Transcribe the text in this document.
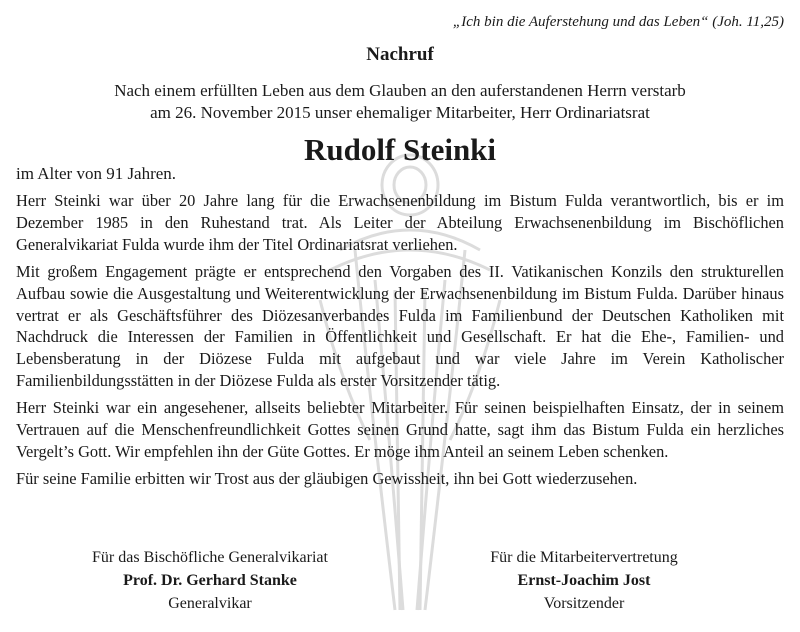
„Ich bin die Auferstehung und das Leben“ (Joh. 11,25)
Nachruf
Nach einem erfüllten Leben aus dem Glauben an den auferstandenen Herrn verstarb
am 26. November 2015 unser ehemaliger Mitarbeiter, Herr Ordinariatsrat
Rudolf Steinki
im Alter von 91 Jahren.

Herr Steinki war über 20 Jahre lang für die Erwachsenenbildung im Bistum Fulda verantwortlich, bis er im Dezember 1985 in den Ruhestand trat. Als Leiter der Abteilung Erwachsenenbildung im Bischöflichen Generalvikariat Fulda wurde ihm der Titel Ordinariatsrat verliehen.

Mit großem Engagement prägte er entsprechend den Vorgaben des II. Vatikanischen Konzils den strukturellen Aufbau sowie die Ausgestaltung und Weiterentwicklung der Erwachsenenbildung im Bistum Fulda. Darüber hinaus vertrat er als Geschäftsführer des Diözesanverbandes Fulda im Familienbund der Deutschen Katholiken mit Nachdruck die Interessen der Familien in Öffentlichkeit und Gesellschaft. Er hat die Ehe-, Familien- und Lebensberatung in der Diözese Fulda mit aufgebaut und war viele Jahre im Verein Katholischer Familienbildungsstätten in der Diözese Fulda als erster Vorsitzender tätig.

Herr Steinki war ein angesehener, allseits beliebter Mitarbeiter. Für seinen beispielhaften Einsatz, der in seinem Vertrauen auf die Menschenfreundlichkeit Gottes seinen Grund hatte, sagt ihm das Bistum Fulda ein herzliches Vergelt’s Gott. Wir empfehlen ihn der Güte Gottes. Er möge ihm Anteil an seinem Leben schenken.

Für seine Familie erbitten wir Trost aus der gläubigen Gewissheit, ihn bei Gott wiederzusehen.

Für das Bischöfliche Generalvikariat
Prof. Dr. Gerhard Stanke
Generalvikar
Für die Mitarbeitervertretung
Ernst-Joachim Jost
Vorsitzender
